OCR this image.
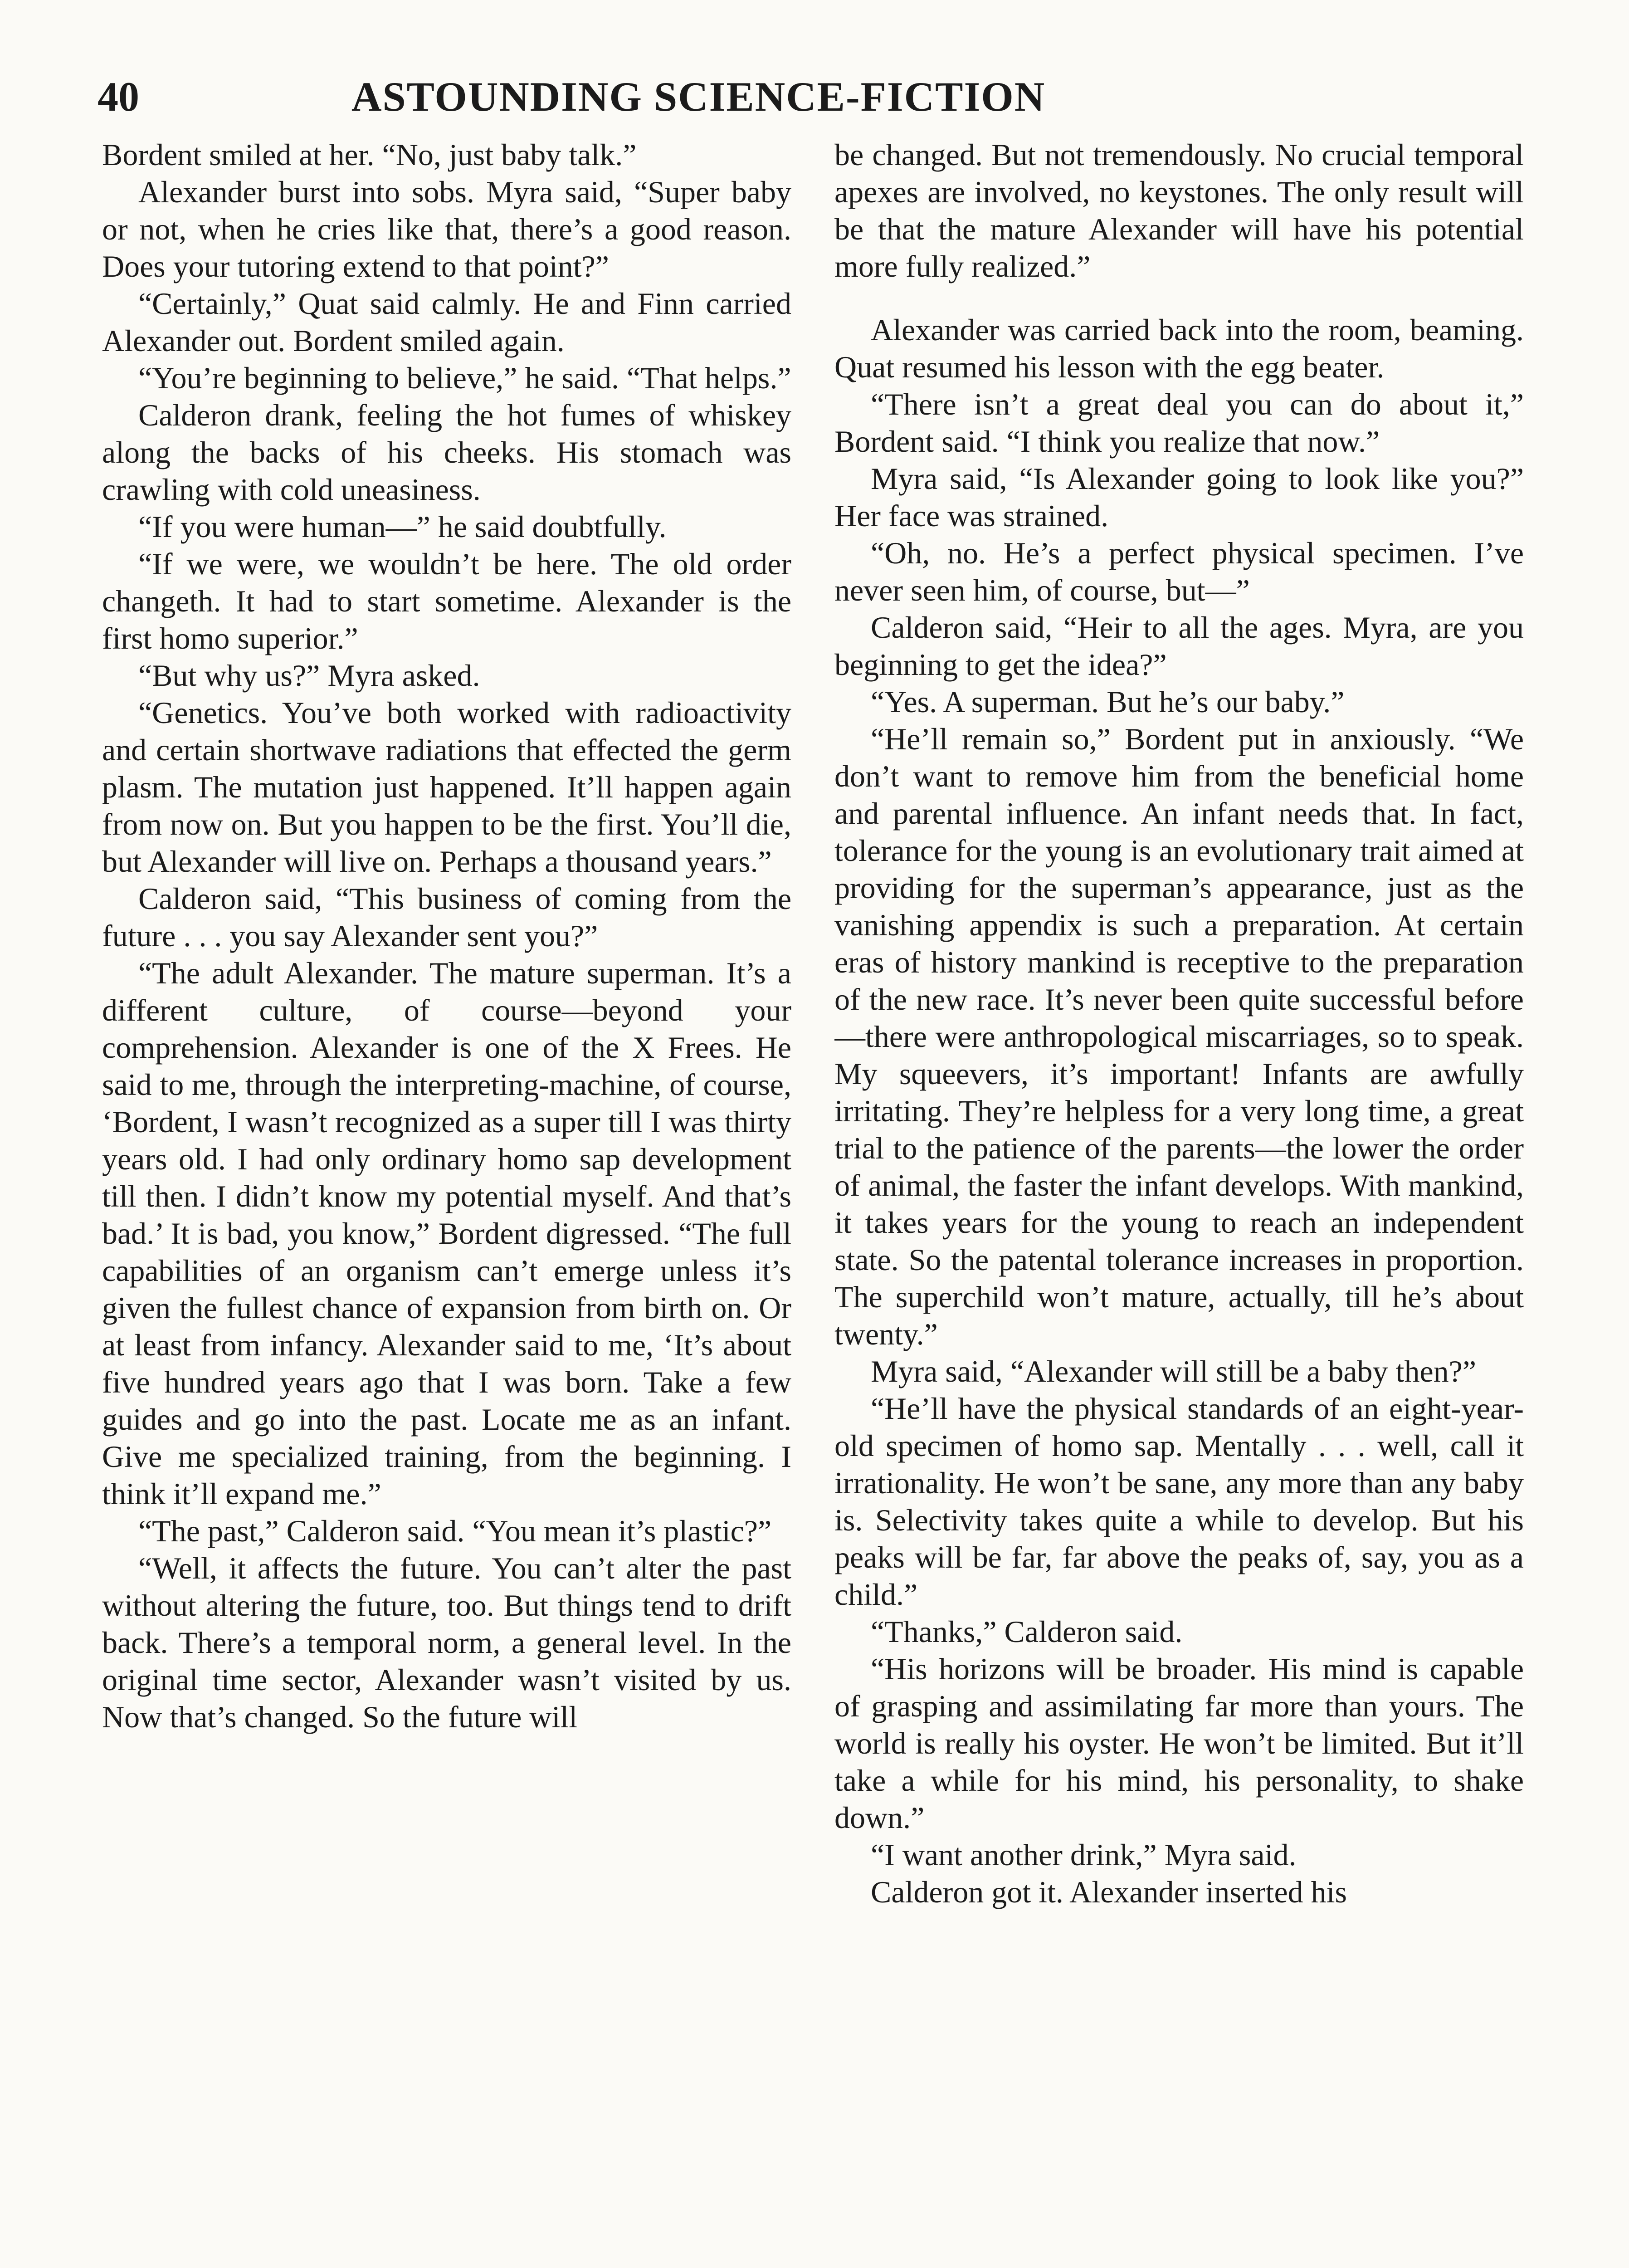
40	ASTOUNDING SCIENCE-FICTION

Bordent smiled at her. “No, just baby talk.”

Alexander burst into sobs. Myra said, “Super baby or not, when he cries like that, there’s a good reason. Does your tutoring extend to that point?”

“Certainly,” Quat said calmly. He and Finn carried Alexander out. Bordent smiled again.

“You’re beginning to believe,” he said. “That helps.”

Calderon drank, feeling the hot fumes of whiskey along the backs of his cheeks. His stomach was crawling with cold uneasiness.

“If you were human—” he said doubtfully.

“If we were, we wouldn’t be here. The old order changeth. It had to start sometime. Alexander is the first homo superior.”

“But why us?” Myra asked.

“Genetics. You’ve both worked with radioactivity and certain shortwave radiations that effected the germ plasm. The mutation just happened. It’ll happen again from now on. But you happen to be the first. You’ll die, but Alexander will live on. Perhaps a thousand years.”

Calderon said, “This business of coming from the future . . . you say Alexander sent you?”

“The adult Alexander. The mature superman. It’s a different culture, of course—beyond your comprehension. Alexander is one of the X Frees. He said to me, through the interpreting-machine, of course, ‘Bordent, I wasn’t recognized as a super till I was thirty years old. I had only ordinary homo sap development till then. I didn’t know my potential myself. And that’s bad.’ It is bad, you know,” Bordent digressed. “The full capabilities of an organism can’t emerge unless it’s given the fullest chance of expansion from birth on. Or at least from infancy. Alexander said to me, ‘It’s about five hundred years ago that I was born. Take a few guides and go into the past. Locate me as an infant. Give me specialized training, from the beginning. I think it’ll expand me.”

“The past,” Calderon said. “You mean it’s plastic?”

“Well, it affects the future. You can’t alter the past without altering the future, too. But things tend to drift back. There’s a temporal norm, a general level. In the original time sector, Alexander wasn’t visited by us. Now that’s changed. So the future will

be changed. But not tremendously. No crucial temporal apexes are involved, no keystones. The only result will be that the mature Alexander will have his potential more fully realized.”

Alexander was carried back into the room, beaming. Quat resumed his lesson with the egg beater.

“There isn’t a great deal you can do about it,” Bordent said. “I think you realize that now.”

Myra said, “Is Alexander going to look like you?” Her face was strained.

“Oh, no. He’s a perfect physical specimen. I’ve never seen him, of course, but—”

Calderon said, “Heir to all the ages. Myra, are you beginning to get the idea?”

“Yes. A superman. But he’s our baby.”

“He’ll remain so,” Bordent put in anxiously. “We don’t want to remove him from the beneficial home and parental influence. An infant needs that. In fact, tolerance for the young is an evolutionary trait aimed at providing for the superman’s appearance, just as the vanishing appendix is such a preparation. At certain eras of history mankind is receptive to the preparation of the new race. It’s never been quite successful before—there were anthropological miscarriages, so to speak. My squeevers, it’s important! Infants are awfully irritating. They’re helpless for a very long time, a great trial to the patience of the parents—the lower the order of animal, the faster the infant develops. With mankind, it takes years for the young to reach an independent state. So the patental tolerance increases in proportion. The superchild won’t mature, actually, till he’s about twenty.”

Myra said, “Alexander will still be a baby then?”

“He’ll have the physical standards of an eight-year-old specimen of homo sap. Mentally . . . well, call it irrationality. He won’t be sane, any more than any baby is. Selectivity takes quite a while to develop. But his peaks will be far, far above the peaks of, say, you as a child.”

“Thanks,” Calderon said.

“His horizons will be broader. His mind is capable of grasping and assimilating far more than yours. The world is really his oyster. He won’t be limited. But it’ll take a while for his mind, his personality, to shake down.”

“I want another drink,” Myra said.

Calderon got it. Alexander inserted his
